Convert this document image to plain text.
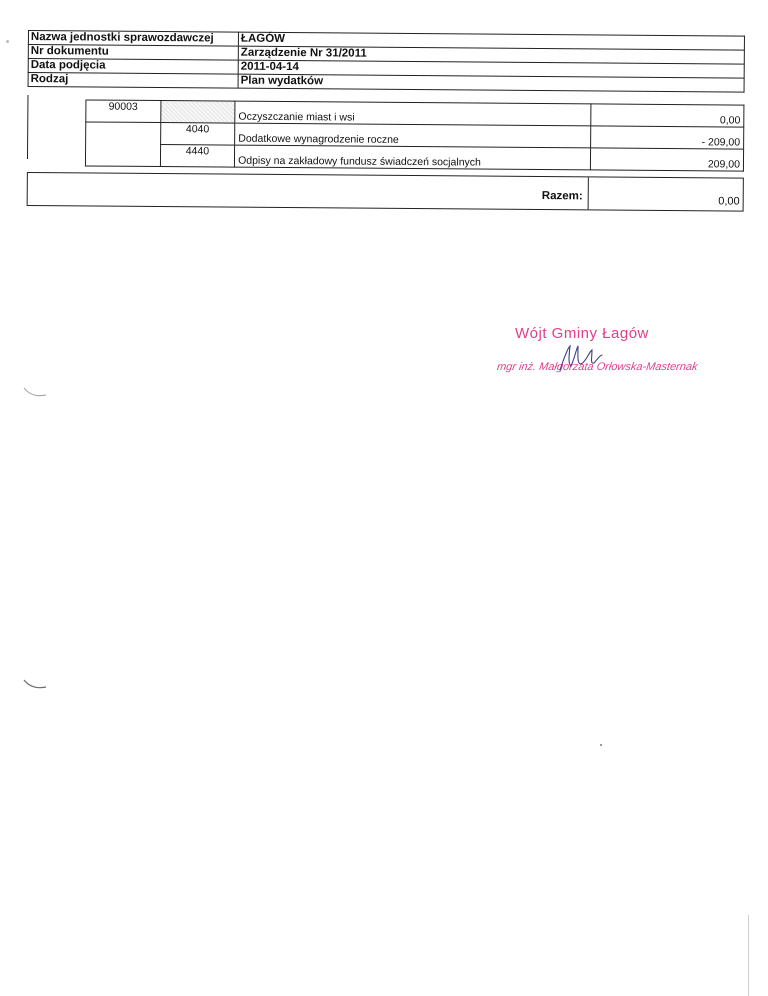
Nazwa jednostki sprawozdawczej	ŁAGÓW
Nr dokumentu	Zarządzenie Nr 31/2011
Data podjęcia	2011-04-14
Rodzaj	Plan wydatków
90003		Oczyszczanie miast i wsi	0,00
	4040	Dodatkowe wynagrodzenie roczne	- 209,00
	4440	Odpisy na zakładowy fundusz świadczeń socjalnych	209,00
Razem:	0,00
Wójt Gminy Łagów
mgr inż. Małgorzata Orłowska-Masternak
